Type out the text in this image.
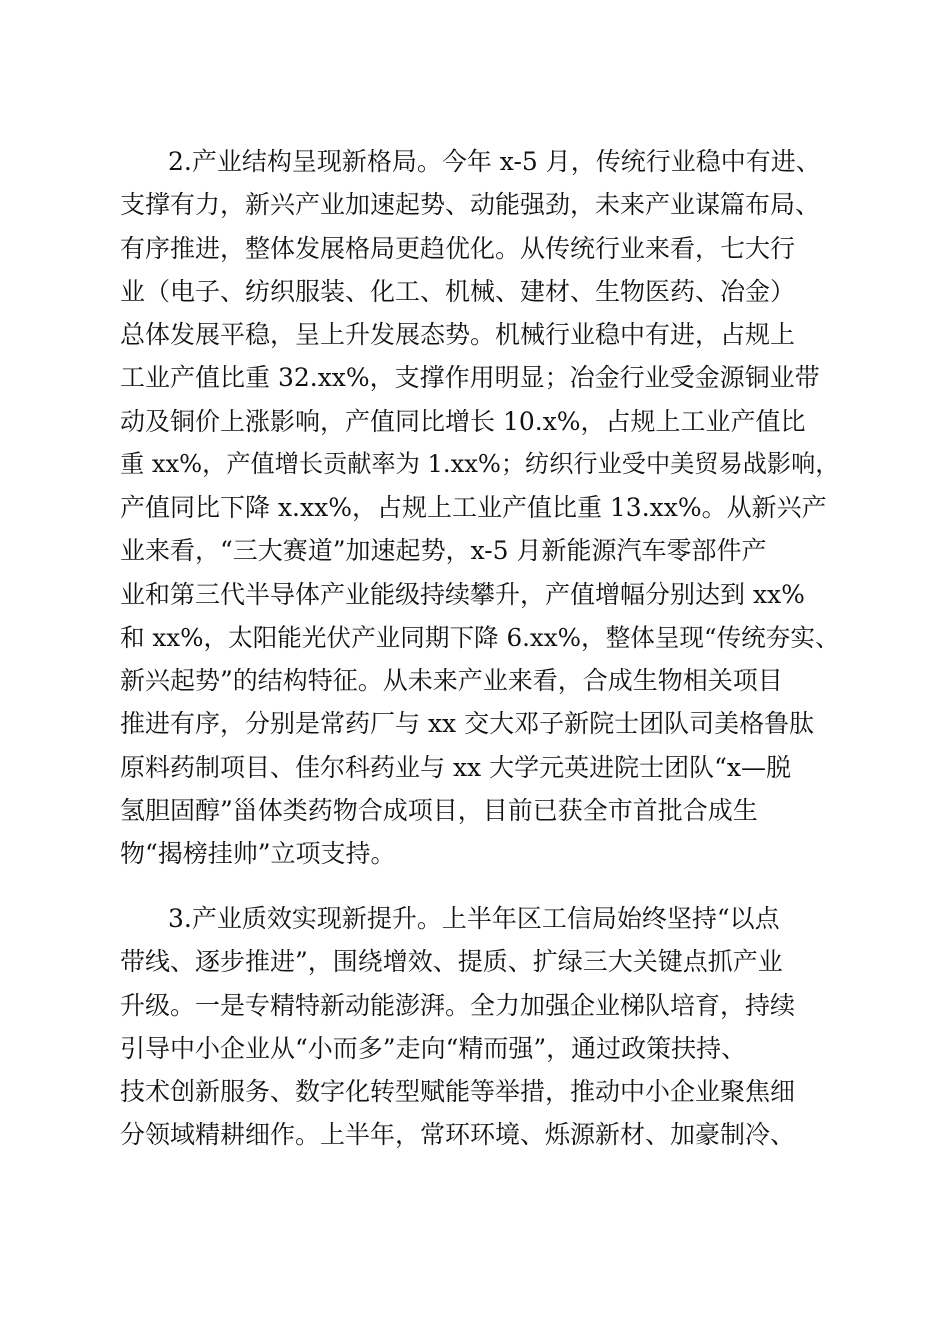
2.产业结构呈现新格局。今年 x-5 月，传统行业稳中有进、
支撑有力，新兴产业加速起势、动能强劲，未来产业谋篇布局、
有序推进，整体发展格局更趋优化。从传统行业来看，七大行
业（电子、纺织服装、化工、机械、建材、生物医药、冶金）
总体发展平稳，呈上升发展态势。机械行业稳中有进，占规上
工业产值比重 32.xx%，支撑作用明显；冶金行业受金源铜业带
动及铜价上涨影响，产值同比增长 10.x%，占规上工业产值比
重 xx%，产值增长贡献率为 1.xx%；纺织行业受中美贸易战影响，
产值同比下降 x.xx%，占规上工业产值比重 13.xx%。从新兴产
业来看，“三大赛道”加速起势，x-5 月新能源汽车零部件产
业和第三代半导体产业能级持续攀升，产值增幅分别达到 xx%
和 xx%，太阳能光伏产业同期下降 6.xx%，整体呈现“传统夯实、
新兴起势”的结构特征。从未来产业来看，合成生物相关项目
推进有序，分别是常药厂与 xx 交大邓子新院士团队司美格鲁肽
原料药制项目、佳尔科药业与 xx 大学元英进院士团队“x—脱
氢胆固醇”甾体类药物合成项目，目前已获全市首批合成生
物“揭榜挂帅”立项支持。
3.产业质效实现新提升。上半年区工信局始终坚持“以点
带线、逐步推进”，围绕增效、提质、扩绿三大关键点抓产业
升级。一是专精特新动能澎湃。全力加强企业梯队培育，持续
引导中小企业从“小而多”走向“精而强”，通过政策扶持、
技术创新服务、数字化转型赋能等举措，推动中小企业聚焦细
分领域精耕细作。上半年，常环环境、烁源新材、加豪制冷、
